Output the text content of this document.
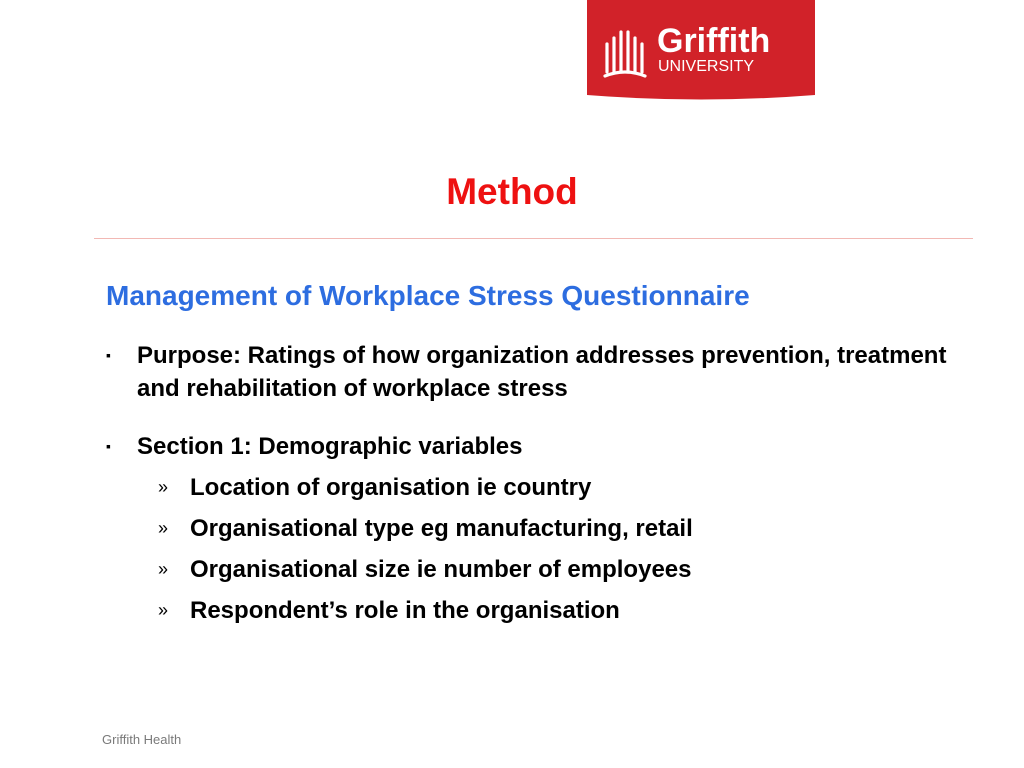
Griffith
UNIVERSITY
Method
Management of Workplace Stress Questionnaire
▪ Purpose: Ratings of how organization addresses prevention, treatment and rehabilitation of workplace stress
▪ Section 1: Demographic variables
» Location of organisation ie country
» Organisational type eg manufacturing, retail
» Organisational size ie number of employees
» Respondent’s role in the organisation
Griffith Health
